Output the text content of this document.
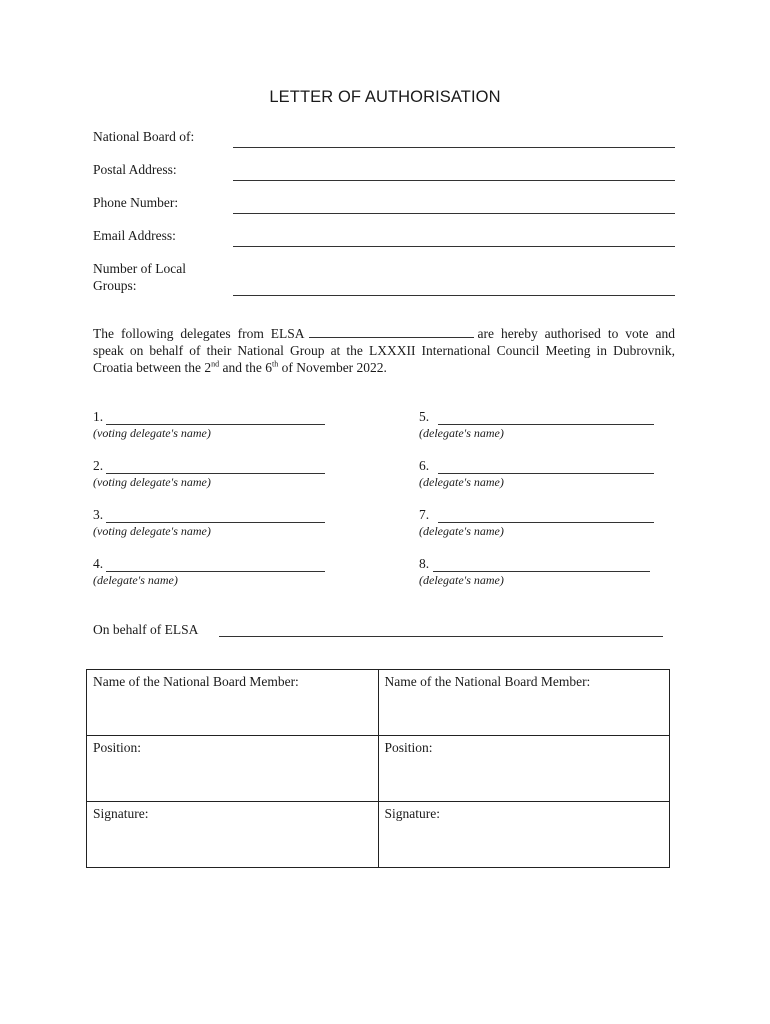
LETTER OF AUTHORISATION
National Board of:
Postal Address:
Phone Number:
Email Address:
Number of Local Groups:
The following delegates from ELSA	are hereby authorised to vote and speak on behalf of their National Group at the LXXXII International Council Meeting in Dubrovnik, Croatia between the 2nd and the 6th of November 2022.
1.
(voting delegate's name)
2.
(voting delegate's name)
3.
(voting delegate's name)
4.
(delegate's name)
5.
(delegate's name)
6.
(delegate's name)
7.
(delegate's name)
8.
(delegate's name)
On behalf of ELSA
Name of the National Board Member:	Name of the National Board Member:
Position:	Position:
Signature:	Signature:
